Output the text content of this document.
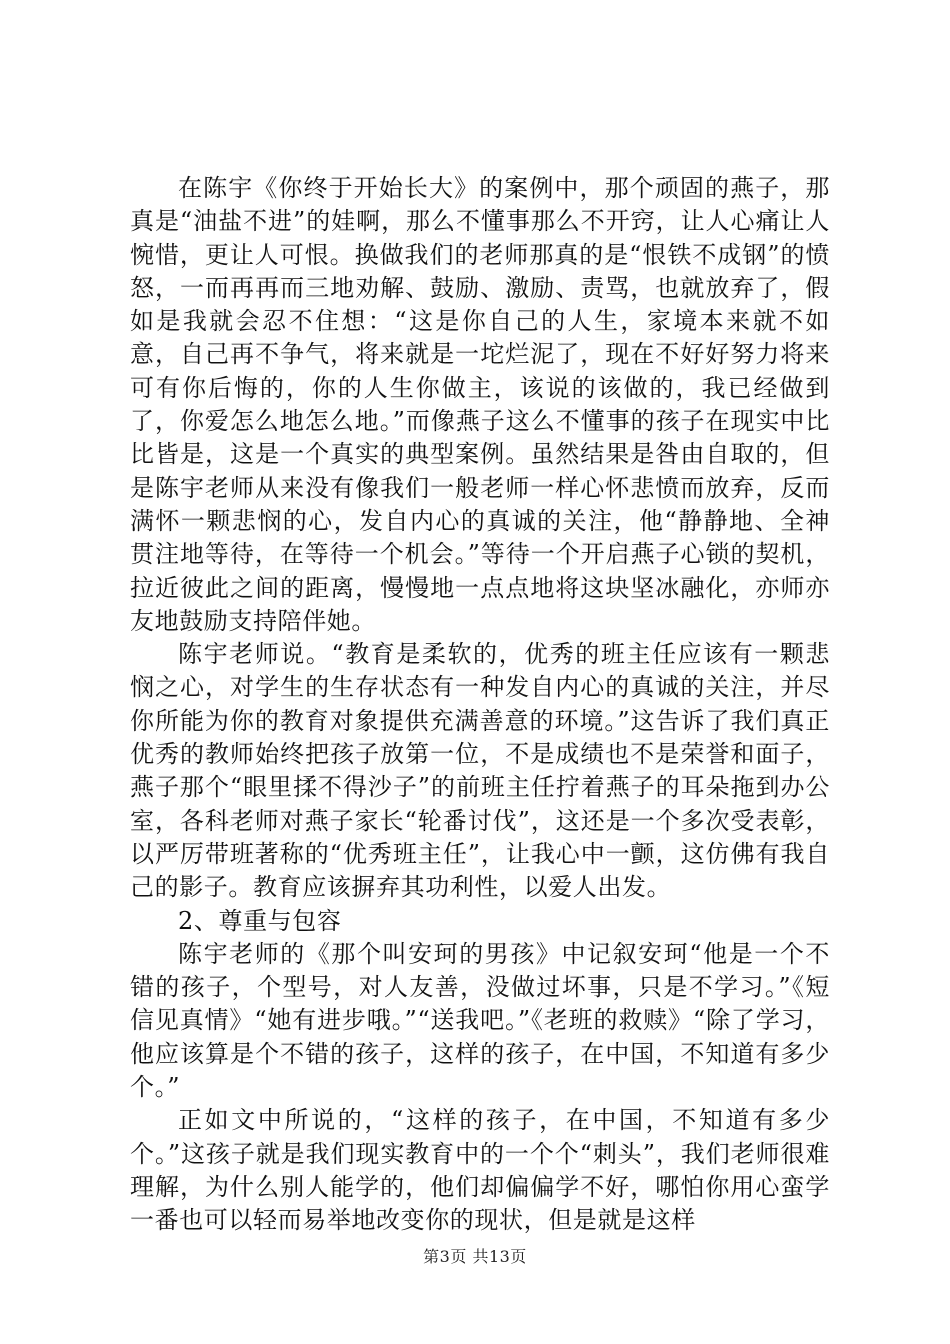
在陈宇《你终于开始长大》的案例中，那个顽固的燕子，那真是“油盐不进”的娃啊，那么不懂事那么不开窍，让人心痛让人惋惜，更让人可恨。换做我们的老师那真的是“恨铁不成钢”的愤怒，一而再再而三地劝解、鼓励、激励、责骂，也就放弃了，假如是我就会忍不住想：“这是你自己的人生，家境本来就不如意，自己再不争气，将来就是一坨烂泥了，现在不好好努力将来可有你后悔的，你的人生你做主，该说的该做的，我已经做到了，你爱怎么地怎么地。”而像燕子这么不懂事的孩子在现实中比比皆是，这是一个真实的典型案例。虽然结果是咎由自取的，但是陈宇老师从来没有像我们一般老师一样心怀悲愤而放弃，反而满怀一颗悲悯的心，发自内心的真诚的关注，他“静静地、全神贯注地等待，在等待一个机会。”等待一个开启燕子心锁的契机，拉近彼此之间的距离，慢慢地一点点地将这块坚冰融化，亦师亦友地鼓励支持陪伴她。

陈宇老师说。“教育是柔软的，优秀的班主任应该有一颗悲悯之心，对学生的生存状态有一种发自内心的真诚的关注，并尽你所能为你的教育对象提供充满善意的环境。”这告诉了我们真正优秀的教师始终把孩子放第一位，不是成绩也不是荣誉和面子，燕子那个“眼里揉不得沙子”的前班主任拧着燕子的耳朵拖到办公室，各科老师对燕子家长“轮番讨伐”，这还是一个多次受表彰，以严厉带班著称的“优秀班主任”，让我心中一颤，这仿佛有我自己的影子。教育应该摒弃其功利性，以爱人出发。

2、尊重与包容

陈宇老师的《那个叫安珂的男孩》中记叙安珂“他是一个不错的孩子，个型号，对人友善，没做过坏事，只是不学习。”《短信见真情》“她有进步哦。”“送我吧。”《老班的救赎》“除了学习，他应该算是个不错的孩子，这样的孩子，在中国，不知道有多少个。”

正如文中所说的，“这样的孩子，在中国，不知道有多少个。”这孩子就是我们现实教育中的一个个“刺头”，我们老师很难理解，为什么别人能学的，他们却偏偏学不好，哪怕你用心蛮学一番也可以轻而易举地改变你的现状，但是就是这样

第3页 共13页
